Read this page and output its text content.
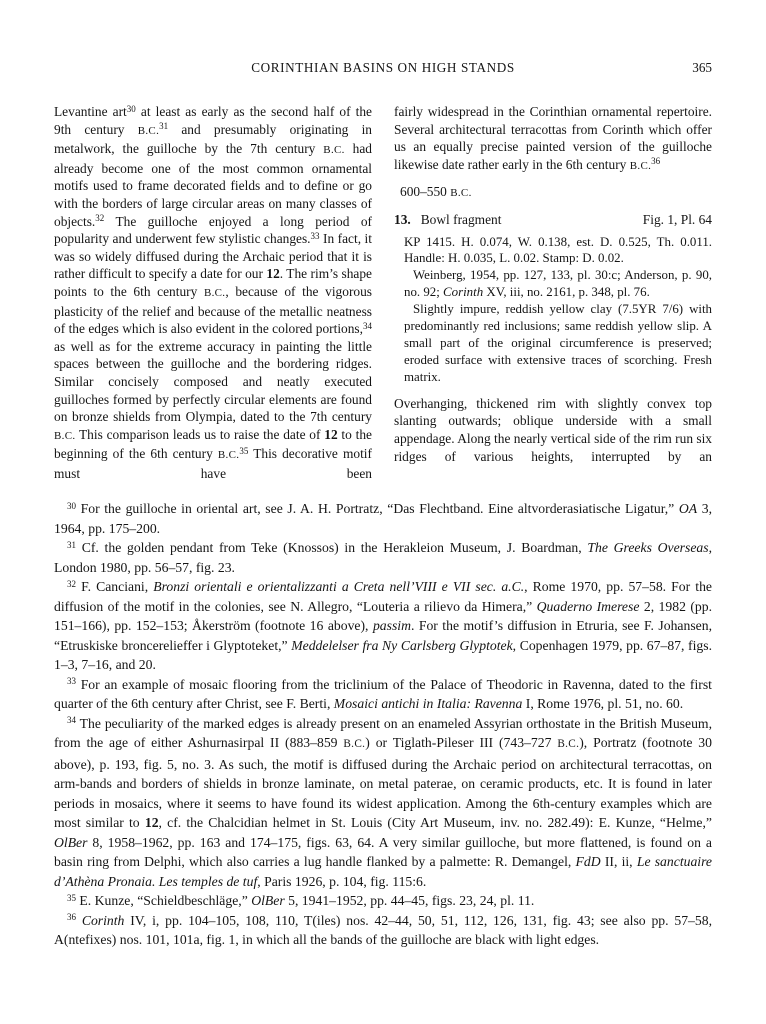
CORINTHIAN BASINS ON HIGH STANDS	365

Levantine art$^{30}$ at least as early as the second half of the 9th century B.C.$^{31}$ and presumably originating in metalwork, the guilloche by the 7th century B.C. had already become one of the most common ornamental motifs used to frame decorated fields and to define or go with the borders of large circular areas on many classes of objects.$^{32}$ The guilloche enjoyed a long period of popularity and underwent few stylistic changes.$^{33}$ In fact, it was so widely diffused during the Archaic period that it is rather difficult to specify a date for our 12. The rim’s shape points to the 6th century B.C., because of the vigorous plasticity of the relief and because of the metallic neatness of the edges which is also evident in the colored portions,$^{34}$ as well as for the extreme accuracy in painting the little spaces between the guilloche and the bordering ridges. Similar concisely composed and neatly executed guilloches formed by perfectly circular elements are found on bronze shields from Olympia, dated to the 7th century B.C. This comparison leads us to raise the date of 12 to the beginning of the 6th century B.C.$^{35}$ This decorative motif must have been

fairly widespread in the Corinthian ornamental repertoire. Several architectural terracottas from Corinth which offer us an equally precise painted version of the guilloche likewise date rather early in the 6th century B.C.$^{36}$

600–550 B.C.

13. Bowl fragment	Fig. 1, Pl. 64

KP 1415. H. 0.074, W. 0.138, est. D. 0.525, Th. 0.011. Handle: H. 0.035, L. 0.02. Stamp: D. 0.02.

Weinberg, 1954, pp. 127, 133, pl. 30:c; Anderson, p. 90, no. 92; Corinth XV, iii, no. 2161, p. 348, pl. 76.

Slightly impure, reddish yellow clay (7.5YR 7/6) with predominantly red inclusions; same reddish yellow slip. A small part of the original circumference is preserved; eroded surface with extensive traces of scorching. Fresh matrix.

Overhanging, thickened rim with slightly convex top slanting outwards; oblique underside with a small appendage. Along the nearly vertical side of the rim run six ridges of various heights, interrupted by an

$^{30}$ For the guilloche in oriental art, see J. A. H. Portratz, “Das Flechtband. Eine altvorderasiatische Ligatur,” OA 3, 1964, pp. 175–200.

$^{31}$ Cf. the golden pendant from Teke (Knossos) in the Herakleion Museum, J. Boardman, The Greeks Overseas, London 1980, pp. 56–57, fig. 23.

$^{32}$ F. Canciani, Bronzi orientali e orientalizzanti a Creta nell’VIII e VII sec. a.C., Rome 1970, pp. 57–58. For the diffusion of the motif in the colonies, see N. Allegro, “Louteria a rilievo da Himera,” Quaderno Imerese 2, 1982 (pp. 151–166), pp. 152–153; Åkerström (footnote 16 above), passim. For the motif’s diffusion in Etruria, see F. Johansen, “Etruskiske broncerelieffer i Glyptoteket,” Meddelelser fra Ny Carlsberg Glyptotek, Copenhagen 1979, pp. 67–87, figs. 1–3, 7–16, and 20.

$^{33}$ For an example of mosaic flooring from the triclinium of the Palace of Theodoric in Ravenna, dated to the first quarter of the 6th century after Christ, see F. Berti, Mosaici antichi in Italia: Ravenna I, Rome 1976, pl. 51, no. 60.

$^{34}$ The peculiarity of the marked edges is already present on an enameled Assyrian orthostate in the British Museum, from the age of either Ashurnasirpal II (883–859 B.C.) or Tiglath-Pileser III (743–727 B.C.), Portratz (footnote 30 above), p. 193, fig. 5, no. 3. As such, the motif is diffused during the Archaic period on architectural terracottas, on arm-bands and borders of shields in bronze laminate, on metal paterae, on ceramic products, etc. It is found in later periods in mosaics, where it seems to have found its widest application. Among the 6th-century examples which are most similar to 12, cf. the Chalcidian helmet in St. Louis (City Art Museum, inv. no. 282.49): E. Kunze, “Helme,” OlBer 8, 1958–1962, pp. 163 and 174–175, figs. 63, 64. A very similar guilloche, but more flattened, is found on a basin ring from Delphi, which also carries a lug handle flanked by a palmette: R. Demangel, FdD II, ii, Le sanctuaire d’Athèna Pronaia. Les temples de tuf, Paris 1926, p. 104, fig. 115:6.

$^{35}$ E. Kunze, “Schieldbeschläge,” OlBer 5, 1941–1952, pp. 44–45, figs. 23, 24, pl. 11.

$^{36}$ Corinth IV, i, pp. 104–105, 108, 110, T(iles) nos. 42–44, 50, 51, 112, 126, 131, fig. 43; see also pp. 57–58, A(ntefixes) nos. 101, 101a, fig. 1, in which all the bands of the guilloche are black with light edges.
